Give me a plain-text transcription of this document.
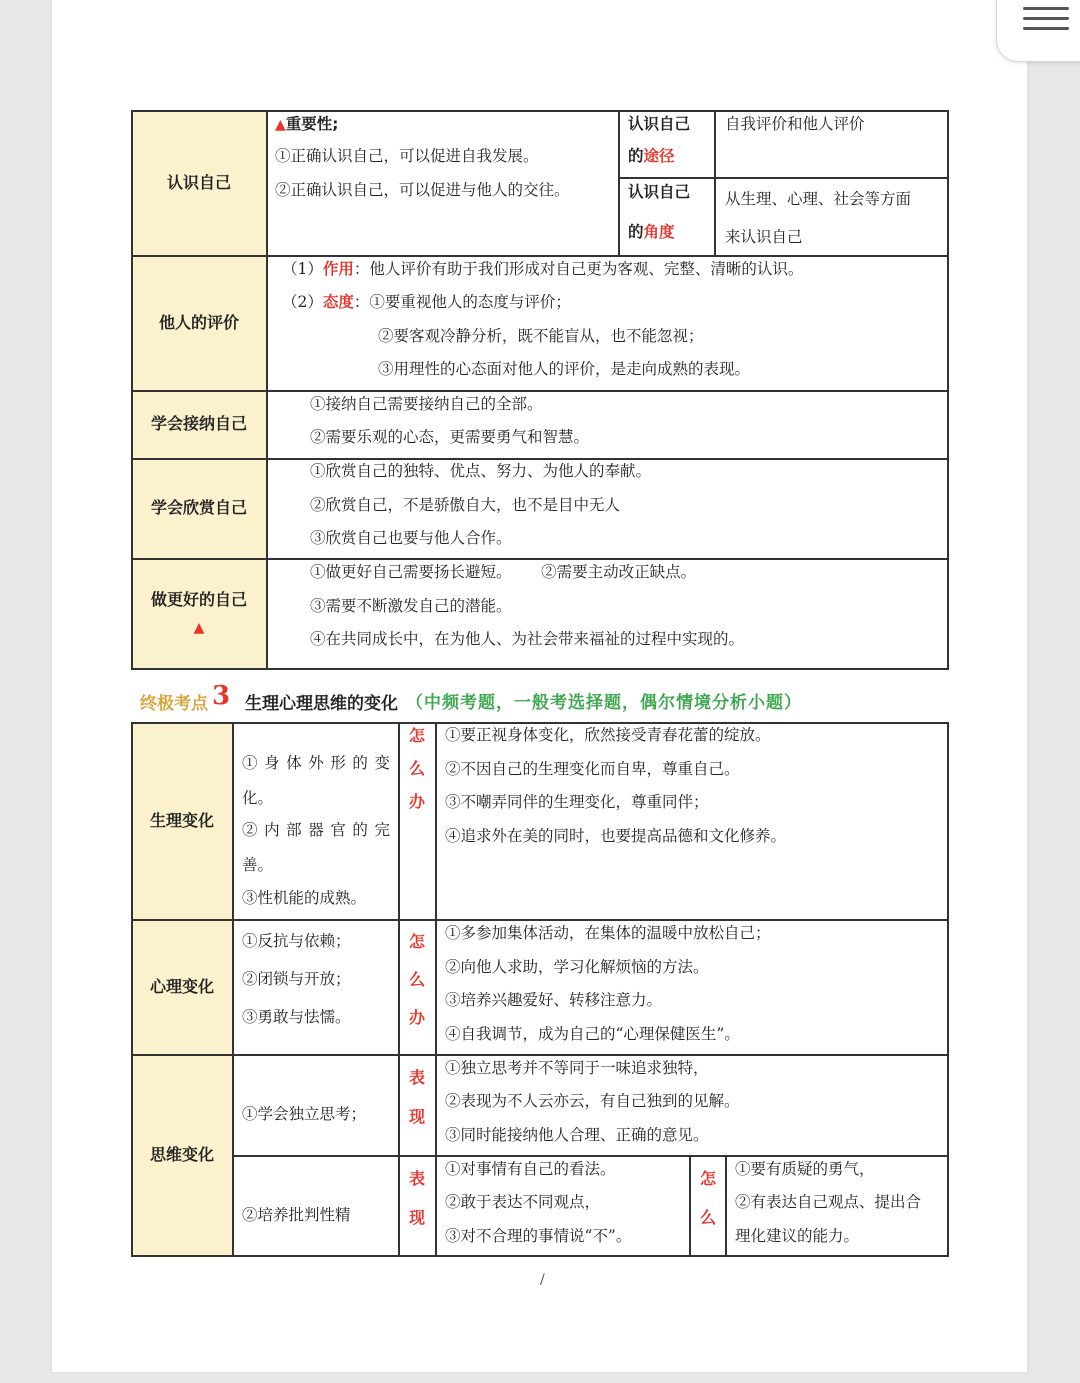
认识自己
▲重要性;
①正确认识自己，可以促进自我发展。
②正确认识自己，可以促进与他人的交往。
认识自己
的途径
自我评价和他人评价
认识自己
的角度
从生理、心理、社会等方面
来认识自己
他人的评价
（1）作用：他人评价有助于我们形成对自己更为客观、完整、清晰的认识。
（2）态度：①要重视他人的态度与评价；
②要客观冷静分析，既不能盲从，也不能忽视；
③用理性的心态面对他人的评价，是走向成熟的表现。
学会接纳自己
①接纳自己需要接纳自己的全部。
②需要乐观的心态，更需要勇气和智慧。
学会欣赏自己
①欣赏自己的独特、优点、努力、为他人的奉献。
②欣赏自己，不是骄傲自大，也不是目中无人
③欣赏自己也要与他人合作。
做更好的自己
▲
①做更好自己需要扬长避短。      ②需要主动改正缺点。
③需要不断激发自己的潜能。
④在共同成长中，在为他人、为社会带来福祉的过程中实现的。
终极考点 3 生理心理思维的变化 （中频考题，一般考选择题，偶尔情境分析小题）
生理变化
①身体外形的变
化。
②内部器官的完
善。
③性机能的成熟。
怎
么
办
①要正视身体变化，欣然接受青春花蕾的绽放。
②不因自己的生理变化而自卑，尊重自己。
③不嘲弄同伴的生理变化，尊重同伴；
④追求外在美的同时，也要提高品德和文化修养。
心理变化
①反抗与依赖；
②闭锁与开放；
③勇敢与怯懦。
怎
么
办
①多参加集体活动，在集体的温暖中放松自己；
②向他人求助，学习化解烦恼的方法。
③培养兴趣爱好、转移注意力。
④自我调节，成为自己的“心理保健医生”。
思维变化
①学会独立思考；
表
现
①独立思考并不等同于一味追求独特，
②表现为不人云亦云，有自己独到的见解。
③同时能接纳他人合理、正确的意见。
②培养批判性精
表
现
①对事情有自己的看法。
②敢于表达不同观点，
③对不合理的事情说“不”。
怎
么
①要有质疑的勇气，
②有表达自己观点、提出合
理化建议的能力。
/
